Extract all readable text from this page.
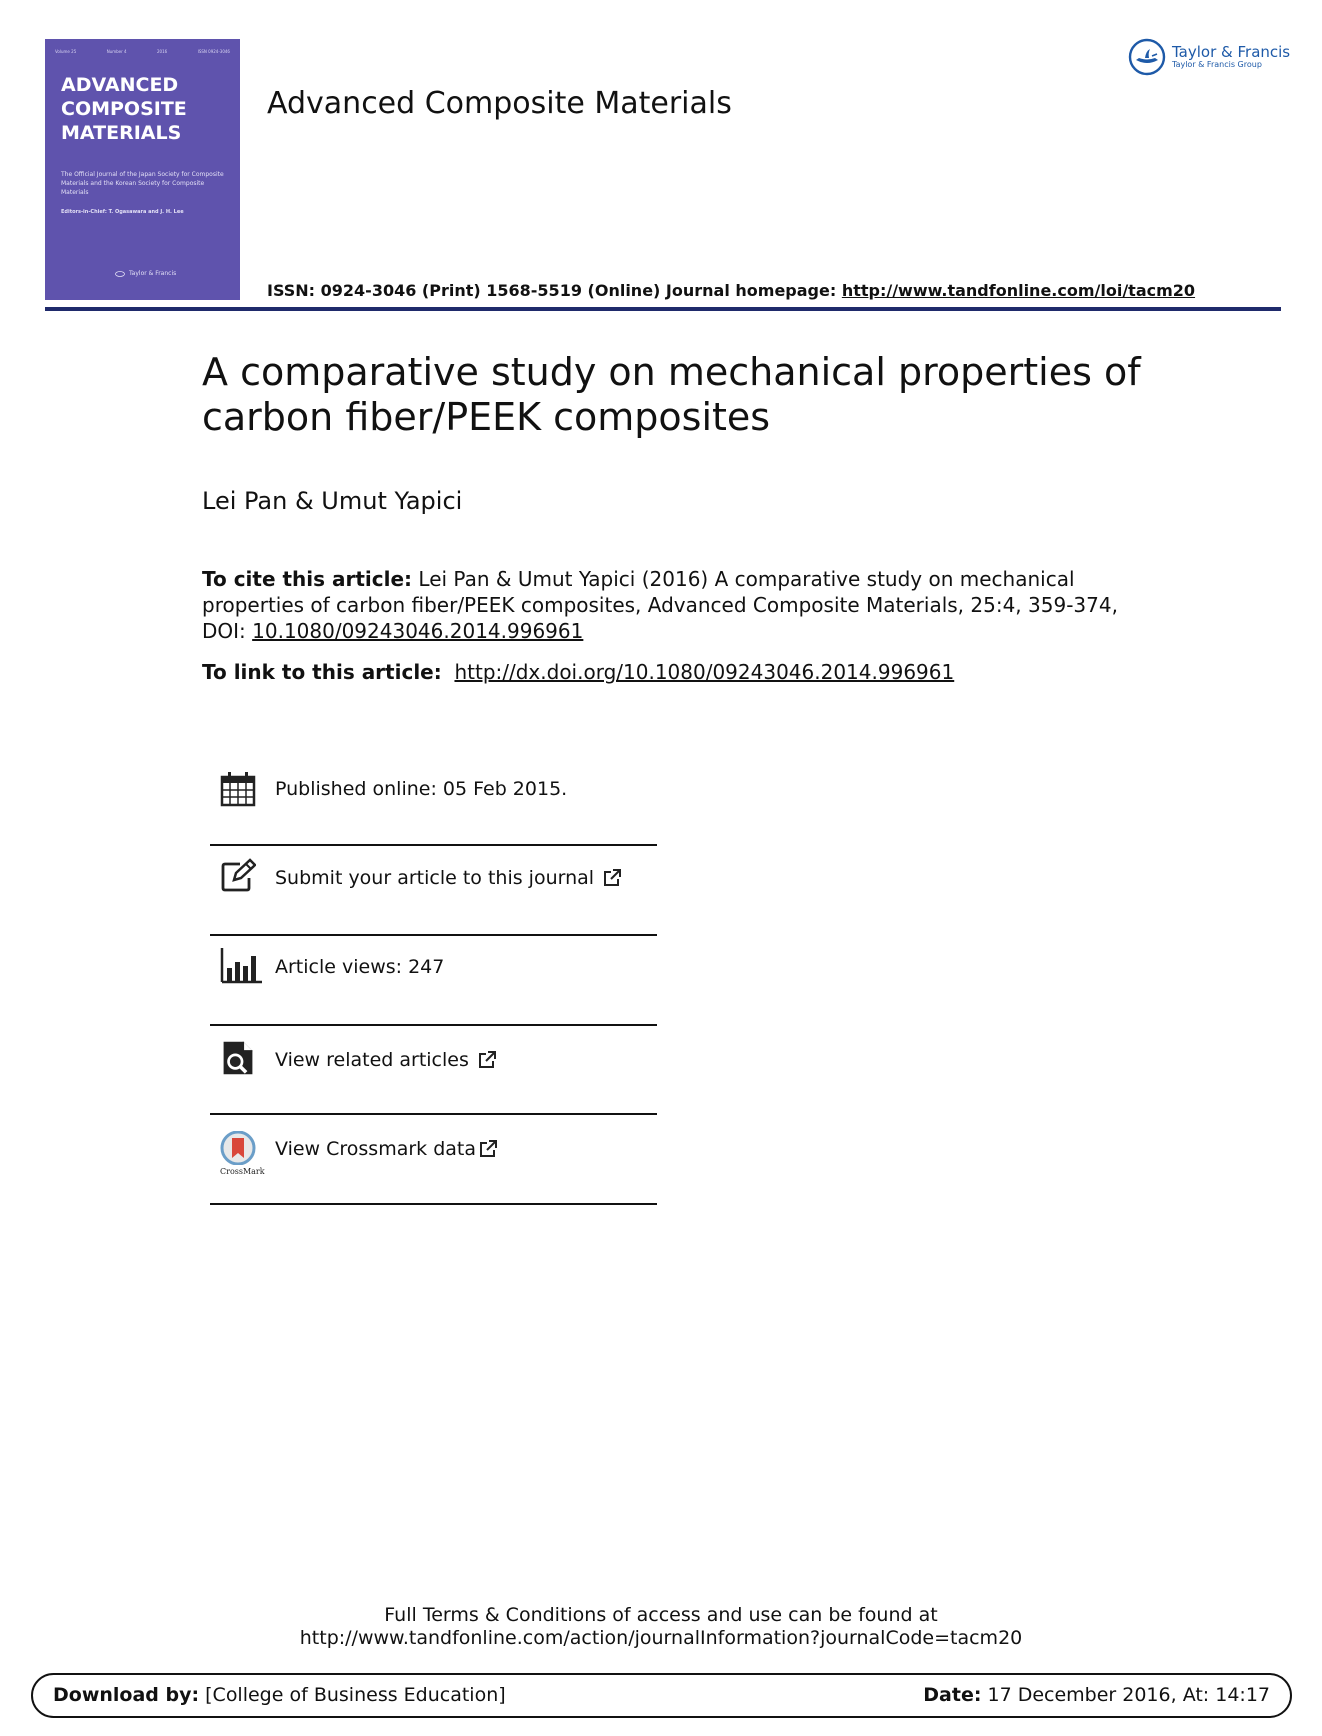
Volume 25	Number 4	2016	ISSN 0924-3046
ADVANCED
COMPOSITE
MATERIALS
The Official Journal of the Japan Society for Composite Materials and the Korean Society for Composite Materials
Editors-in-Chief: T. Ogasawara and J. H. Lee
Taylor & Francis
Advanced Composite Materials
Taylor & Francis
Taylor & Francis Group
ISSN: 0924-3046 (Print) 1568-5519 (Online) Journal homepage: http://www.tandfonline.com/loi/tacm20
A comparative study on mechanical properties of carbon fiber/PEEK composites
Lei Pan & Umut Yapici
To cite this article: Lei Pan & Umut Yapici (2016) A comparative study on mechanical properties of carbon fiber/PEEK composites, Advanced Composite Materials, 25:4, 359-374, DOI: 10.1080/09243046.2014.996961
To link to this article: http://dx.doi.org/10.1080/09243046.2014.996961
Published online: 05 Feb 2015.
Submit your article to this journal
Article views: 247
View related articles
CrossMark
View Crossmark data
Full Terms & Conditions of access and use can be found at
http://www.tandfonline.com/action/journalInformation?journalCode=tacm20
Download by: [College of Business Education]	Date: 17 December 2016, At: 14:17
